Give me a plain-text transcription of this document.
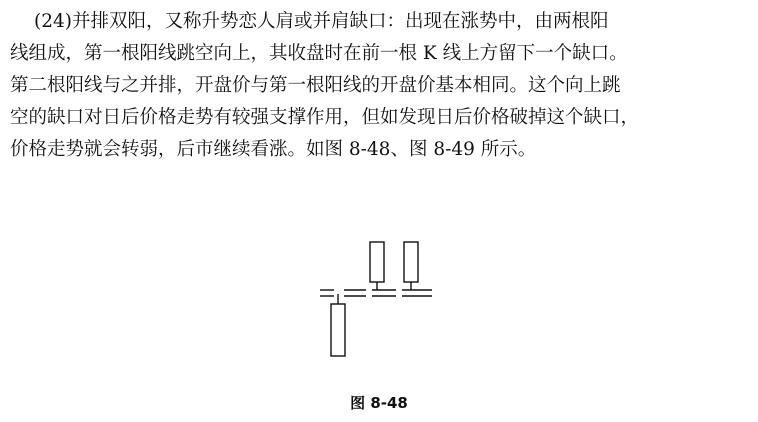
(24)并排双阳，又称升势恋人肩或并肩缺口：出现在涨势中，由两根阳
线组成，第一根阳线跳空向上，其收盘时在前一根 K 线上方留下一个缺口。
第二根阳线与之并排，开盘价与第一根阳线的开盘价基本相同。这个向上跳
空的缺口对日后价格走势有较强支撑作用，但如发现日后价格破掉这个缺口，
价格走势就会转弱，后市继续看涨。如图 8-48、图 8-49 所示。
图 8-48
